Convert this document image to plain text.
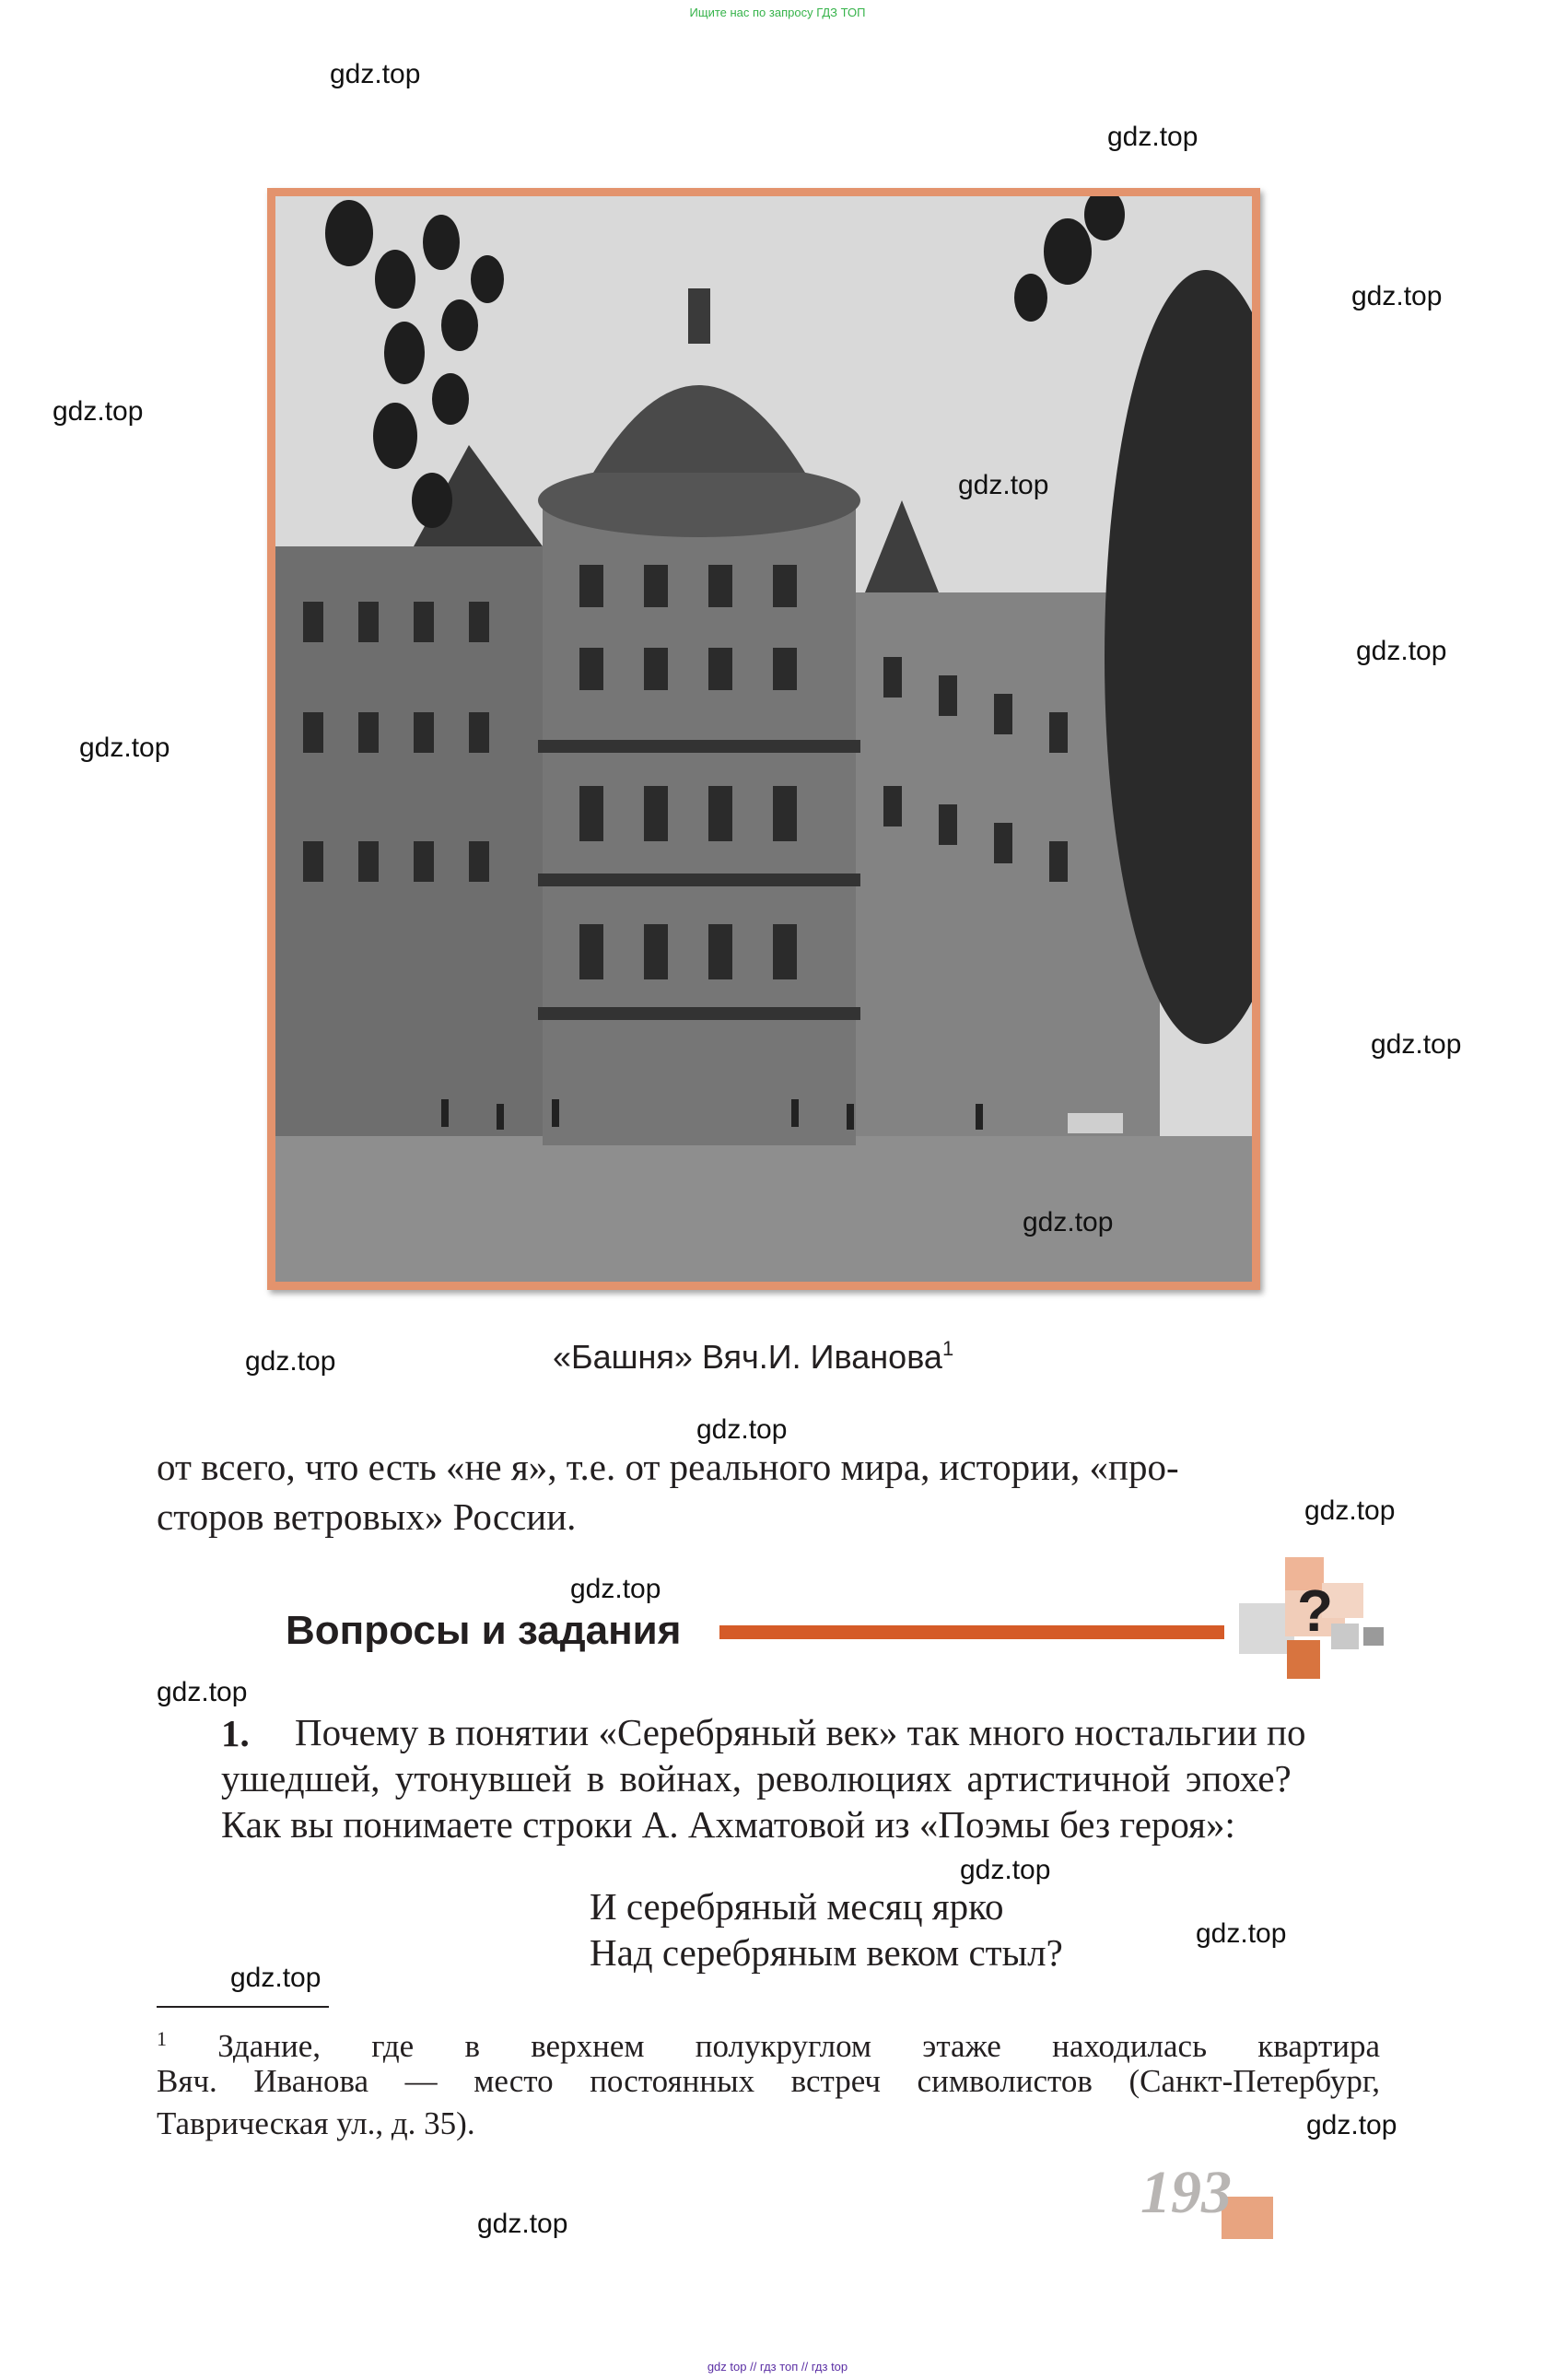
Ищите нас по запросу ГДЗ ТОП
«Башня» Вяч.И. Иванова$^1$
от всего, что есть «не я», т.е. от реального мира, истории, «про-
сторов ветровых» России.
Вопросы и задания	?
1. Почему в понятии «Серебряный век» так много ностальгии по
ушедшей, утонувшей в войнах, революциях артистичной эпохе?
Как вы понимаете строки А. Ахматовой из «Поэмы без героя»:
И серебряный месяц ярко
Над серебряным веком стыл?
$^1$ Здание, где в верхнем полукруглом этаже находилась квартира
Вяч. Иванова — место постоянных встреч символистов (Санкт-Петербург,
Таврическая ул., д. 35).
193
gdz.top
gdz.top
gdz.top
gdz.top
gdz.top
gdz.top
gdz.top
gdz.top
gdz.top
gdz.top
gdz.top
gdz.top
gdz.top
gdz.top
gdz.top
gdz.top
gdz.top
gdz.top
gdz.top
gdz top // гдз топ // гдз top
